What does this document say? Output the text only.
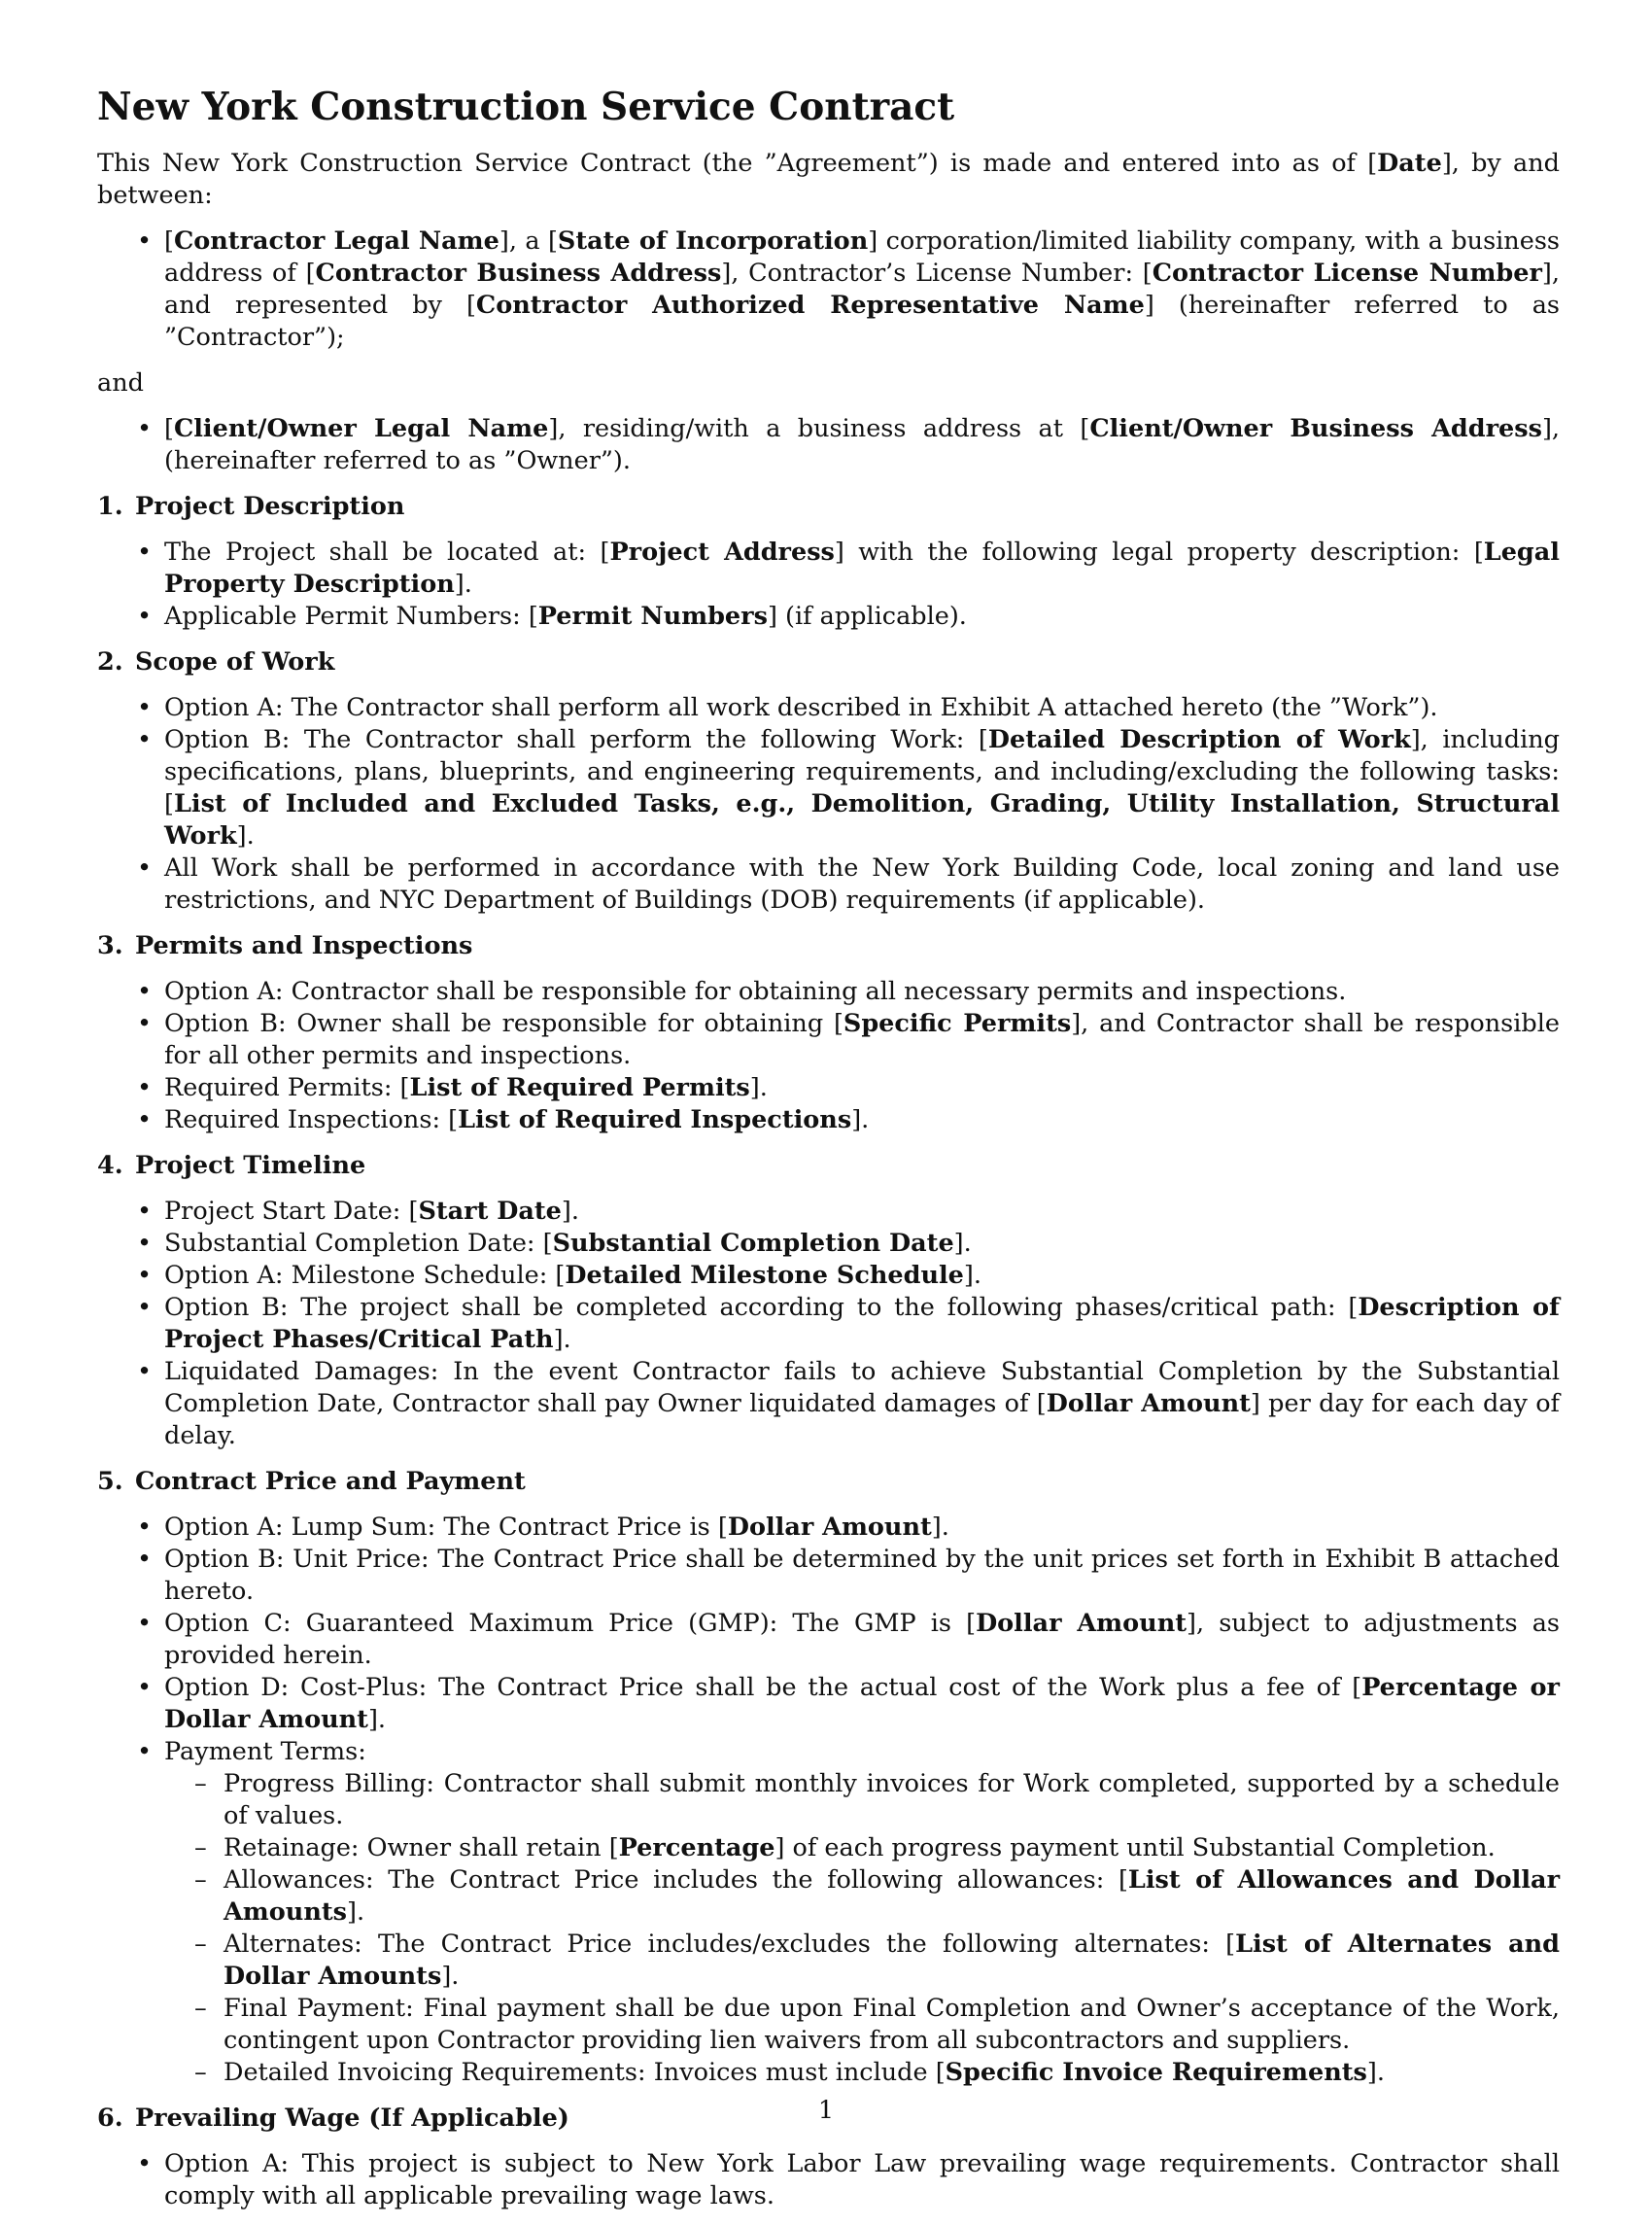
New York Construction Service Contract

This New York Construction Service Contract (the ”Agreement”) is made and entered into as of [Date], by and between:

• [Contractor Legal Name], a [State of Incorporation] corporation/limited liability company, with a business address of [Contractor Business Address], Contractor’s License Number: [Contractor License Number], and represented by [Contractor Authorized Representative Name] (hereinafter referred to as ”Contractor”);

and

• [Client/Owner Legal Name], residing/with a business address at [Client/Owner Business Address], (hereinafter referred to as ”Owner”).
1. Project Description
• The Project shall be located at: [Project Address] with the following legal property description: [Legal Property Description].
• Applicable Permit Numbers: [Permit Numbers] (if applicable).
2. Scope of Work
• Option A: The Contractor shall perform all work described in Exhibit A attached hereto (the ”Work”).
• Option B: The Contractor shall perform the following Work: [Detailed Description of Work], including specifications, plans, blueprints, and engineering requirements, and including/excluding the following tasks: [List of Included and Excluded Tasks, e.g., Demolition, Grading, Utility Installation, Structural Work].
• All Work shall be performed in accordance with the New York Building Code, local zoning and land use restrictions, and NYC Department of Buildings (DOB) requirements (if applicable).
3. Permits and Inspections
• Option A: Contractor shall be responsible for obtaining all necessary permits and inspections.
• Option B: Owner shall be responsible for obtaining [Specific Permits], and Contractor shall be responsible for all other permits and inspections.
• Required Permits: [List of Required Permits].
• Required Inspections: [List of Required Inspections].
4. Project Timeline
• Project Start Date: [Start Date].
• Substantial Completion Date: [Substantial Completion Date].
• Option A: Milestone Schedule: [Detailed Milestone Schedule].
• Option B: The project shall be completed according to the following phases/critical path: [Description of Project Phases/Critical Path].
• Liquidated Damages: In the event Contractor fails to achieve Substantial Completion by the Substantial Completion Date, Contractor shall pay Owner liquidated damages of [Dollar Amount] per day for each day of delay.
5. Contract Price and Payment
• Option A: Lump Sum: The Contract Price is [Dollar Amount].
• Option B: Unit Price: The Contract Price shall be determined by the unit prices set forth in Exhibit B attached hereto.
• Option C: Guaranteed Maximum Price (GMP): The GMP is [Dollar Amount], subject to adjustments as provided herein.
• Option D: Cost-Plus: The Contract Price shall be the actual cost of the Work plus a fee of [Percentage or Dollar Amount].
• Payment Terms:
– Progress Billing: Contractor shall submit monthly invoices for Work completed, supported by a schedule of values.
– Retainage: Owner shall retain [Percentage] of each progress payment until Substantial Completion.
– Allowances: The Contract Price includes the following allowances: [List of Allowances and Dollar Amounts].
– Alternates: The Contract Price includes/excludes the following alternates: [List of Alternates and Dollar Amounts].
– Final Payment: Final payment shall be due upon Final Completion and Owner’s acceptance of the Work, contingent upon Contractor providing lien waivers from all subcontractors and suppliers.
– Detailed Invoicing Requirements: Invoices must include [Specific Invoice Requirements].
6. Prevailing Wage (If Applicable)
• Option A: This project is subject to New York Labor Law prevailing wage requirements. Contractor shall comply with all applicable prevailing wage laws.
1
